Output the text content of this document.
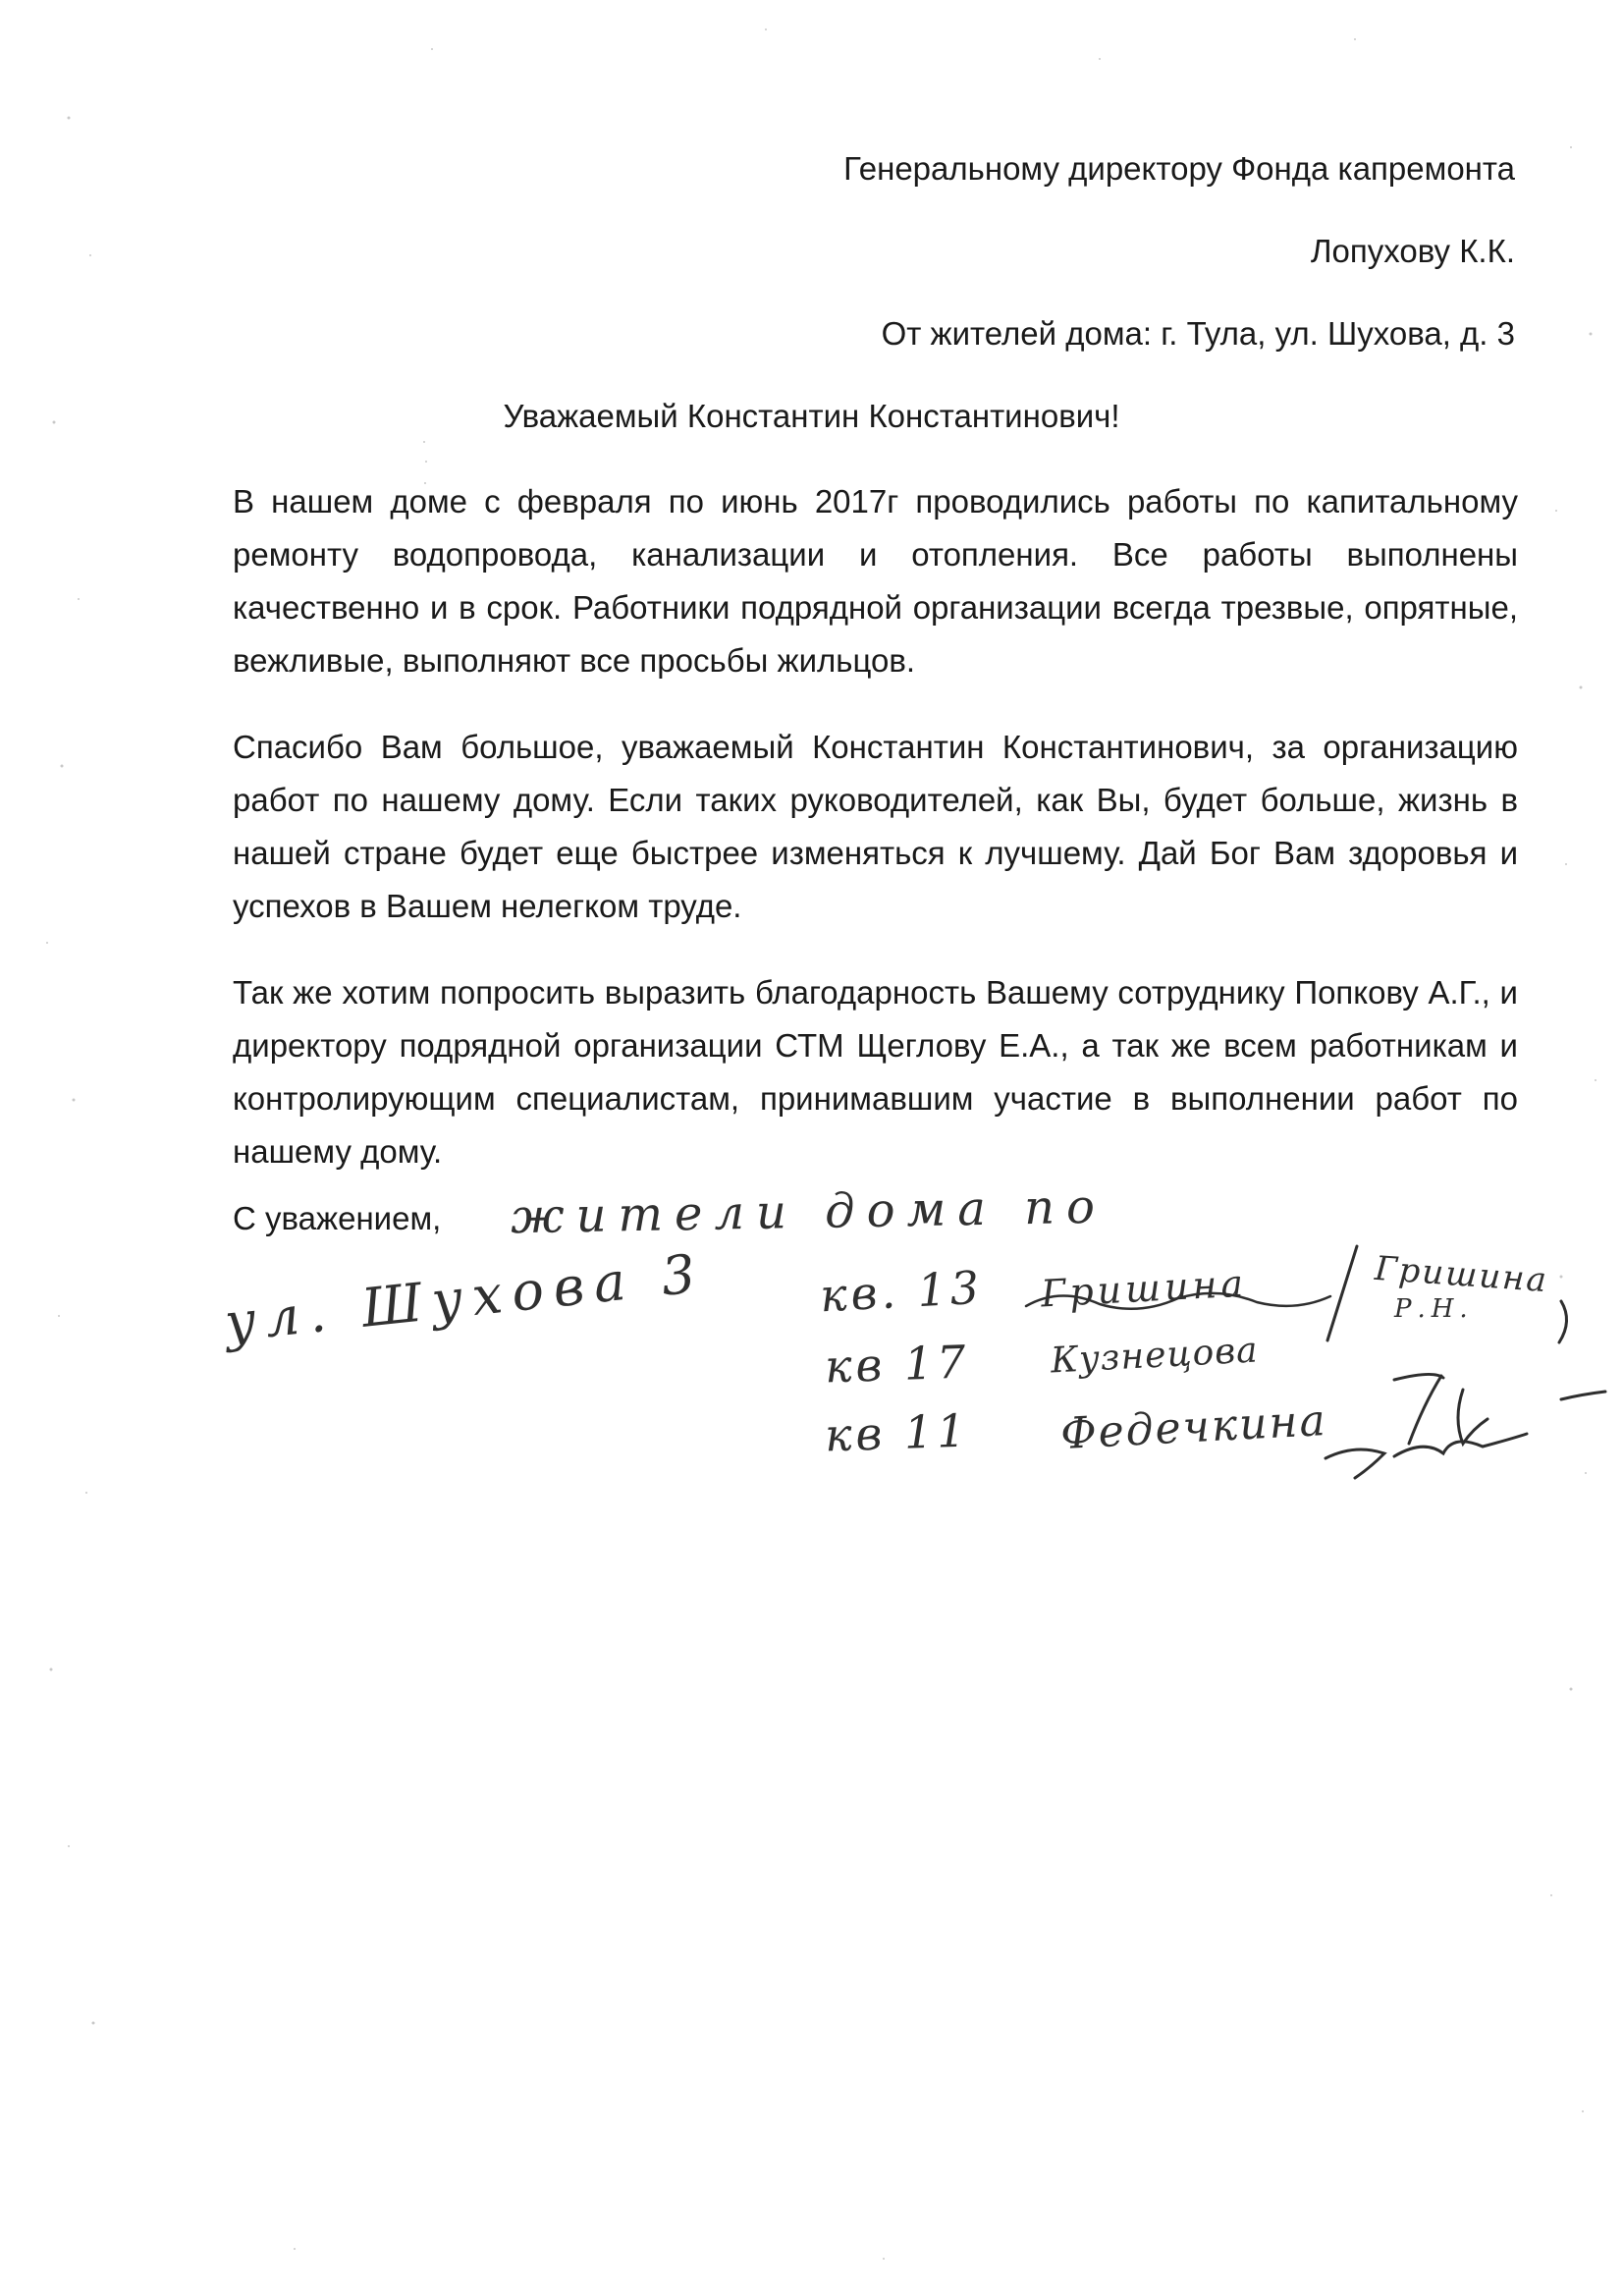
Генеральному директору Фонда капремонта
Лопухову К.К.
От жителей дома: г. Тула, ул. Шухова, д. 3
Уважаемый Константин Константинович!

В нашем доме с февраля по июнь 2017г проводились работы по капитальному ремонту водопровода, канализации и отопления. Все работы выполнены качественно и в срок. Работники подрядной организации всегда трезвые, опрятные, вежливые, выполняют все просьбы жильцов.

Спасибо Вам большое, уважаемый Константин Константинович, за организацию работ по нашему дому. Если таких руководителей, как Вы, будет больше, жизнь в нашей стране будет еще быстрее изменяться к лучшему. Дай Бог Вам здоровья и успехов в Вашем нелегком труде.

Так же хотим попросить выразить благодарность Вашему сотруднику Попкову А.Г., и директору подрядной организации СТМ Щеглову Е.А., а так же всем работникам и контролирующим специалистам, принимавшим участие в выполнении работ по нашему дому.

С уважением, жители дома по
ул. Шухова 3 кв. 13 Гришина	Гришина
Р.Н.
кв 17 Кузнецова
кв 11 Федечкина
